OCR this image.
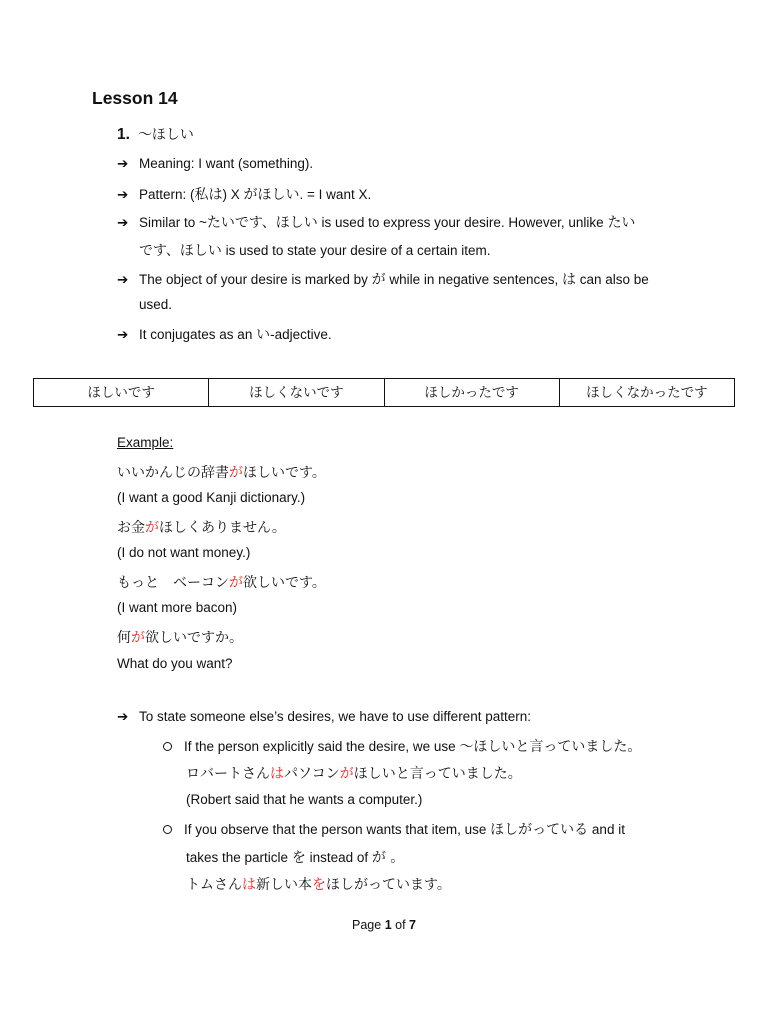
Lesson 14
1. 〜ほしい
➔ Meaning: I want (something).
➔ Pattern: (私は) X がほしい. = I want X.
➔ Similar to ~たいです、ほしい is used to express your desire. However, unlike たい
です、ほしい is used to state your desire of a certain item.
➔ The object of your desire is marked by が while in negative sentences, は can also be
used.
➔ It conjugates as an い-adjective.
ほしいです	ほしくないです	ほしかったです	ほしくなかったです
Example:
いいかんじの辞書がほしいです。
(I want a good Kanji dictionary.)
お金がほしくありません。
(I do not want money.)
もっと　ベーコンが欲しいです。
(I want more bacon)
何が欲しいですか。
What do you want?
➔ To state someone else’s desires, we have to use different pattern:
If the person explicitly said the desire, we use 〜ほしいと言っていました。
ロバートさんはパソコンがほしいと言っていました。
(Robert said that he wants a computer.)
If you observe that the person wants that item, use ほしがっている and it
takes the particle を instead of が 。
トムさんは新しい本をほしがっています。
Page 1 of 7
